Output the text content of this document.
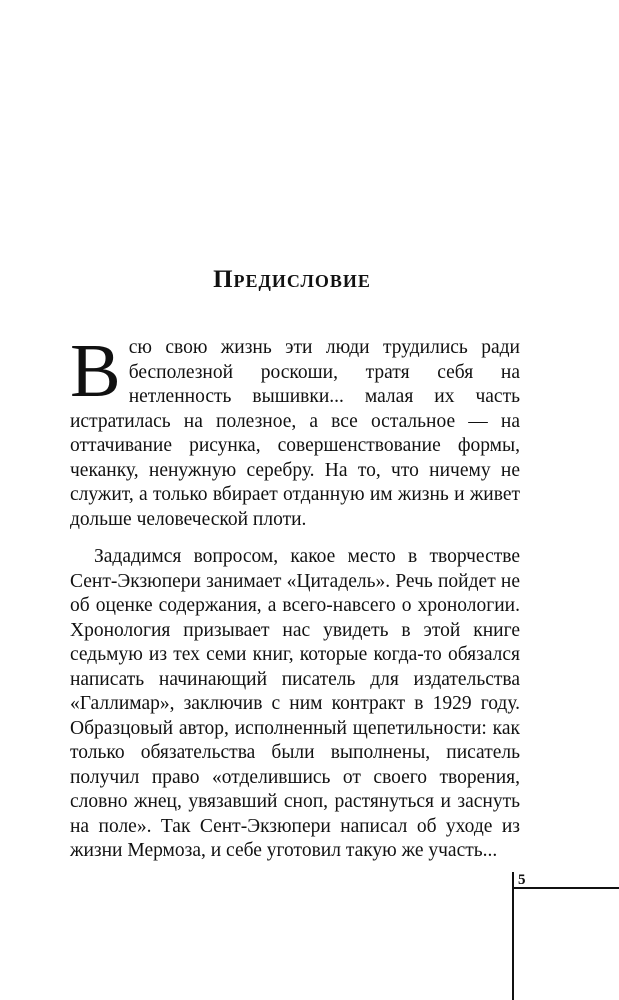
Предисловие

Всю свою жизнь эти люди трудились ради бесполезной роскоши, тратя себя на нетленность вышивки... малая их часть истратилась на полезное, а все остальное — на оттачивание рисунка, совершенствование формы, чеканку, ненужную серебру. На то, что ничему не служит, а только вбирает отданную им жизнь и живет дольше человеческой плоти.

Зададимся вопросом, какое место в творчестве Сент-Экзюпери занимает «Цитадель». Речь пойдет не об оценке содержания, а всего-навсего о хронологии. Хронология призывает нас увидеть в этой книге седьмую из тех семи книг, которые когда-то обязался написать начинающий писатель для издательства «Галлимар», заключив с ним контракт в 1929 году. Образцовый автор, исполненный щепетильности: как только обязательства были выполнены, писатель получил право «отделившись от своего творения, словно жнец, увязавший сноп, растянуться и заснуть на поле». Так Сент-Экзюпери написал об уходе из жизни Мермоза, и себе уготовил такую же участь...

5
